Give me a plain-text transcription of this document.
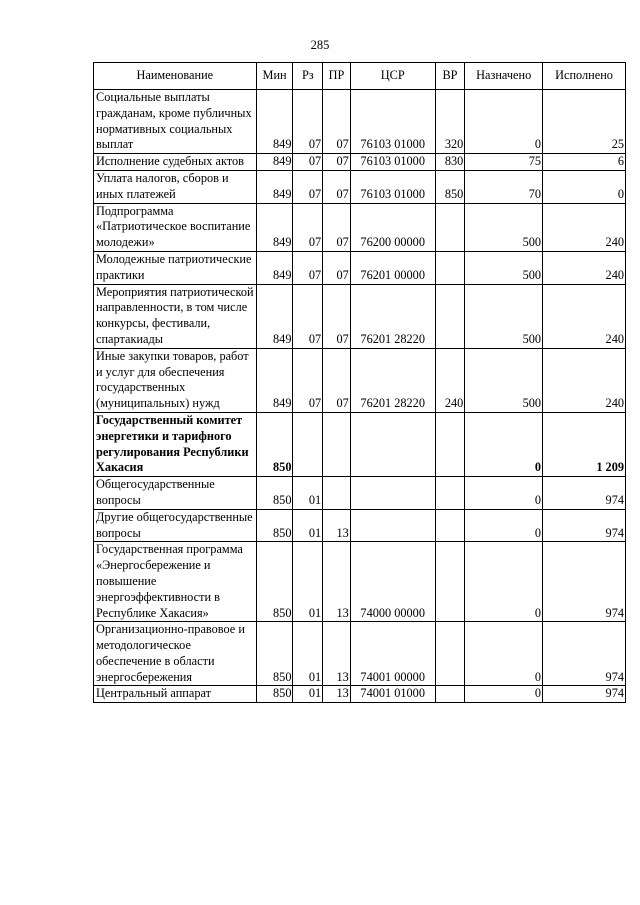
285
Наименование	Мин	Рз	ПР	ЦСР	ВР	Назначено	Исполнено
Социальные выплаты гражданам, кроме публичных нормативных социальных выплат	849	07	07	76103 01000	320	0	25
Исполнение судебных актов	849	07	07	76103 01000	830	75	6
Уплата налогов, сборов и иных платежей	849	07	07	76103 01000	850	70	0
Подпрограмма «Патриотическое воспитание молодежи»	849	07	07	76200 00000		500	240
Молодежные патриотические практики	849	07	07	76201 00000		500	240
Мероприятия патриотической направленности, в том числе конкурсы, фестивали, спартакиады	849	07	07	76201 28220		500	240
Иные закупки товаров, работ и услуг для обеспечения государственных (муниципальных) нужд	849	07	07	76201 28220	240	500	240
Государственный комитет энергетики и тарифного регулирования Республики Хакасия	850					0	1 209
Общегосударственные вопросы	850	01				0	974
Другие общегосударственные вопросы	850	01	13			0	974
Государственная программа «Энергосбережение и повышение энергоэффективности в Республике Хакасия»	850	01	13	74000 00000		0	974
Организационно-правовое и методологическое обеспечение в области энергосбережения	850	01	13	74001 00000		0	974
Центральный аппарат	850	01	13	74001 01000		0	974
